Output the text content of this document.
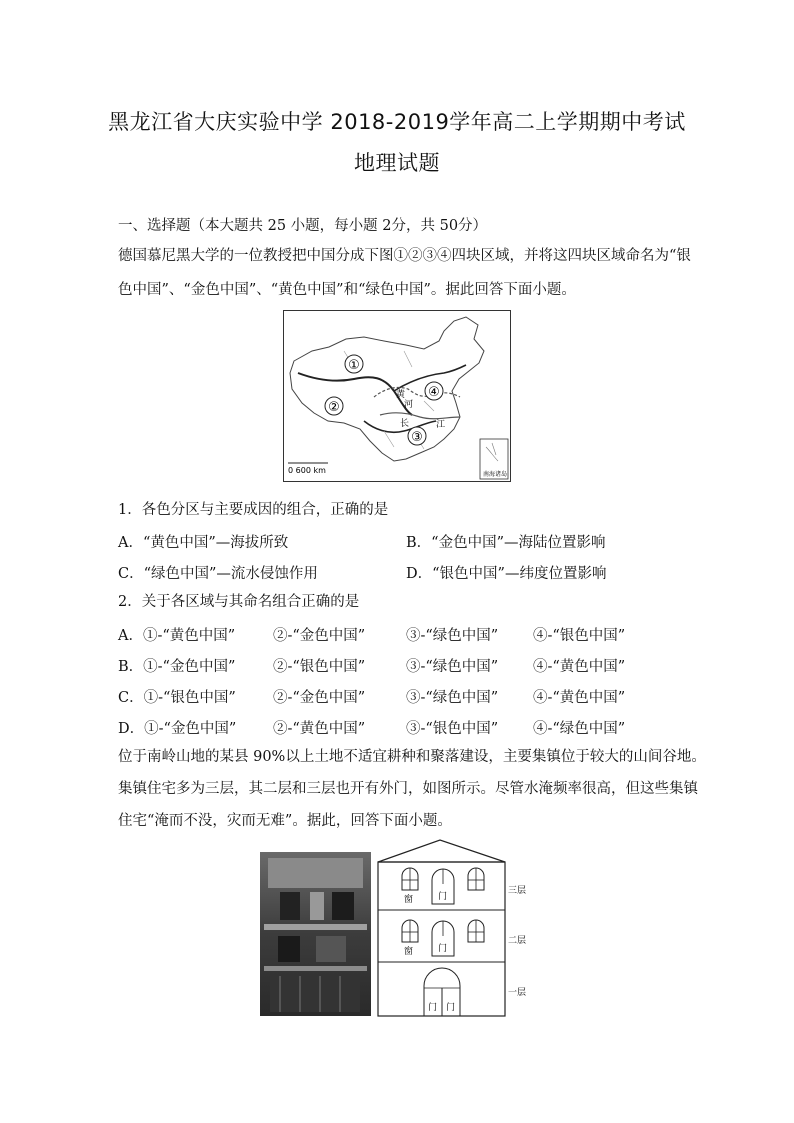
黑龙江省大庆实验中学 2018-2019学年高二上学期期中考试
地理试题
一、选择题（本大题共 25 小题，每小题 2分，共 50分）
德国慕尼黑大学的一位教授把中国分成下图①②③④四块区域，并将这四块区域命名为“银
色中国”、“金色中国”、“黄色中国”和“绿色中国”。据此回答下面小题。
①
②
③
④
黄
河
长	江
0 600 km	南海诸岛
1．各色分区与主要成因的组合，正确的是
A．“黄色中国”—海拔所致	B．“金色中国”—海陆位置影响
C．“绿色中国”—流水侵蚀作用	D．“银色中国”—纬度位置影响
2．关于各区域与其命名组合正确的是
A．①-“黄色中国”	②-“金色中国”	③-“绿色中国” ④-“银色中国”
B．①-“金色中国”	②-“银色中国”	③-“绿色中国” ④-“黄色中国”
C．①-“银色中国”	②-“金色中国”	③-“绿色中国” ④-“黄色中国”
D．①-“金色中国”	②-“黄色中国”	③-“银色中国” ④-“绿色中国”
位于南岭山地的某县 90%以上土地不适宜耕种和聚落建设，主要集镇位于较大的山间谷地。
集镇住宅多为三层，其二层和三层也开有外门，如图所示。尽管水淹频率很高，但这些集镇
住宅“淹而不没，灾而无难”。据此，回答下面小题。
窗	门
窗	门
门 门
三层
二层
一层
